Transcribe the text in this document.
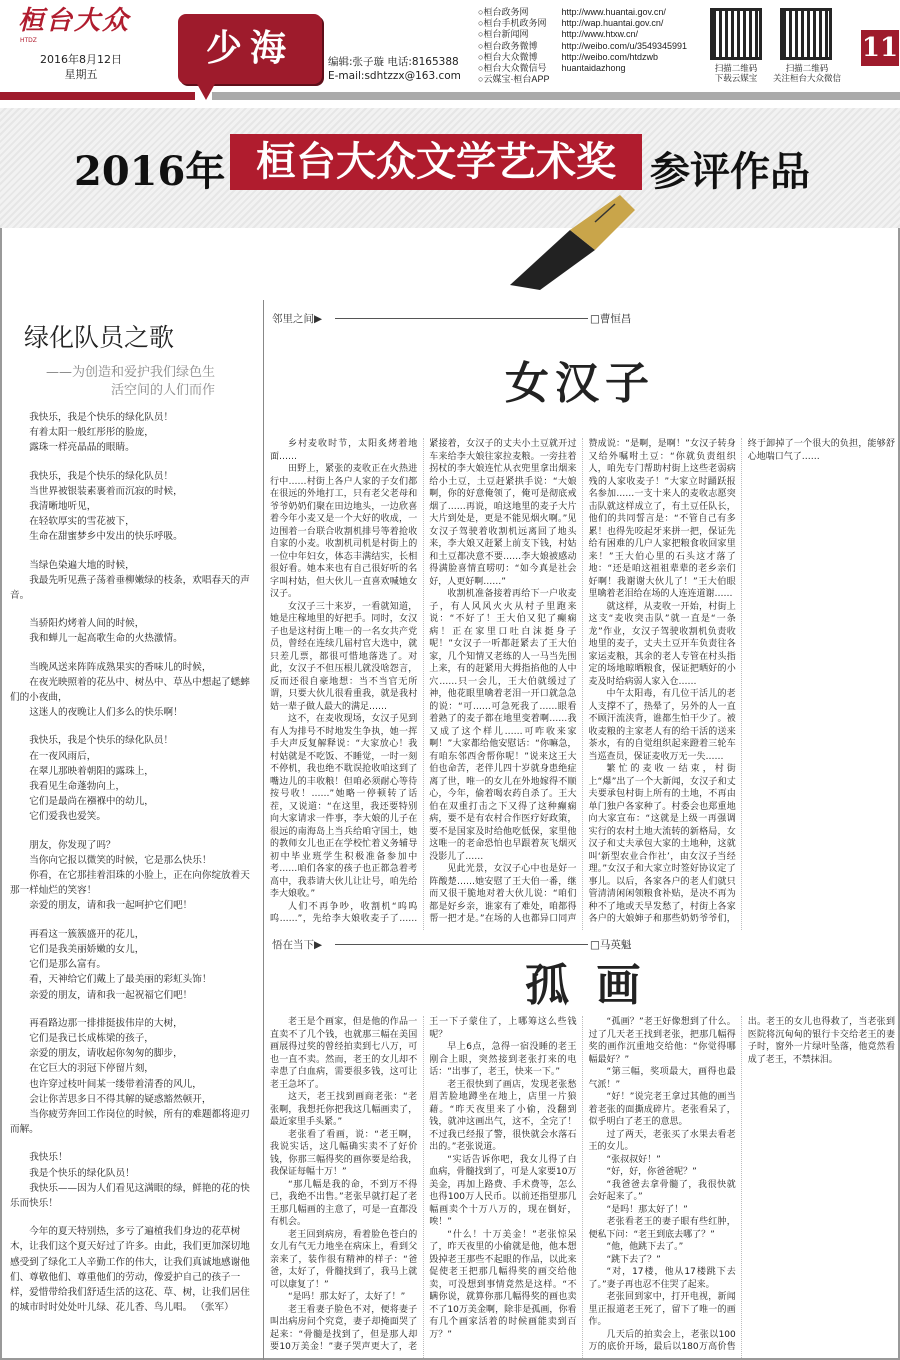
桓台大众
HTDZ
2016年8月12日
星期五
少海	编辑:张子璇 电话:8165388
E-mail:sdhtzzx@163.com
○桓台政务网	http://www.huantai.gov.cn/
○桓台手机政务网 http://wap.huantai.gov.cn/
○桓台新闻网	http://www.htxw.cn/
○桓台政务微博	http://weibo.com/u/3549345991
○桓台大众微博	http://weibo.com/htdzwb
○桓台大众微信号 huantaidazhong
○云媒宝·桓台APP
扫描二维码
下载云媒宝
扫描二维码
关注桓台大众微信
11
2016年 桓台大众文学艺术奖 参评作品
绿化队员之歌
——为创造和爱护我们绿色生活空间的人们而作

我快乐，我是个快乐的绿化队员！
有着太阳一般红彤彤的脸庞，
露珠一样亮晶晶的眼睛。

我快乐，我是个快乐的绿化队员！
当世界被银装素裹着而沉寂的时候，
我清晰地听见，
在轻软厚实的雪花被下，
生命在甜蜜梦乡中发出的快乐呼吸。

当绿色染遍大地的时候，
我最先听见燕子荡着垂柳嫩绿的枝条，欢唱春天的声音。

当骄阳灼烤着人间的时候，
我和蝉儿一起高歌生命的火热激情。

当晚风送来阵阵成熟果实的香味儿的时候，
在夜光映照着的花丛中、树丛中、草丛中想起了蟋蟀们的小夜曲，
这迷人的夜晚让人们多么的快乐啊！

我快乐，我是个快乐的绿化队员！
在一夜风雨后，
在翠儿那映着朝阳的露珠上，
我看见生命蓬勃向上，
它们是最尚在襁褓中的幼儿，
它们爱我也爱笑。

朋友，你发现了吗？
当你向它报以微笑的时候，它是那么快乐！
你看，在它那挂着泪珠的小脸上，正在向你绽放着天那一样灿烂的笑容！
亲爱的朋友，请和我一起呵护它们吧！

再看这一簇簇盛开的花儿，
它们是我美丽娇嫩的女儿，
它们是那么富有。
看，天神给它们戴上了最美丽的彩虹头饰！
亲爱的朋友，请和我一起祝福它们吧！

再看路边那一排排挺拔伟岸的大树，
它们是我已长成栋梁的孩子，
亲爱的朋友，请收起你匆匆的脚步，
在它巨大的羽冠下停留片刻，
也许穿过枝叶间某一缕带着清香的风儿，
会让你苦思多日不得其解的疑惑豁然顿开，
当你疲劳奔回工作岗位的时候，所有的难题都将迎刃而解。

我快乐！
我是个快乐的绿化队员！
我快乐——因为人们看见这满眼的绿，鲜艳的花的快乐而快乐！

今年的夏天特别热，多亏了遍植我们身边的花草树木，让我们这个夏天好过了许多。由此，我们更加深切地感受到了绿化工人辛勤工作的伟大，让我们真诚地感谢他们、尊敬他们、尊重他们的劳动，像爱护自己的孩子一样，爱惜带给我们舒适生活的这花、草、树，让我们居住的城市时时处处叶儿绿、花儿香、鸟儿唱。 （张军）

邻里之间▶	□曹恒昌
女汉子

乡村麦收时节，太阳炙烤着地面……

田野上，紧张的麦收正在火热进行中……村街上各户人家的子女们都在很远的外地打工，只有老父老母和爷爷奶奶们聚在田边地头，一边欣喜着今年小麦又是一个大好的收成，一边围着一台联合收割机排号等着抢收自家的小麦。收割机司机是村街上的一位中年妇女，体态丰满结实，长相很好看。她本来也有自己很好听的名字叫村姑，但大伙儿一直喜欢喊她女汉子。

女汉子三十来岁，一看就知道，她是庄稼地里的好把手。同时，女汉子也是这村街上唯一的一名女共产党员，曾经在连续几届村官大选中，就只差几票，都很可惜地落选了。对此，女汉子不但压根儿就没啥怨言，反而还很自豪地想：当不当官无所谓，只要大伙儿很看重我，就是我村姑一辈子做人最大的满足……

这不，在麦收现场，女汉子见到有人为排号不时地发生争执，她一挥手大声反复解释说：“大家放心！我村姑就是不吃饭、不睡觉，一时一刻不停机，我也绝不耽误抢收咱这到了嘴边儿的丰收粮！但咱必须耐心等待按号收！……”她略一停顿转了话茬，又说道：“在这里，我还要特别向大家请求一件事，李大娘的儿子在很远的南海岛上当兵给咱守国土，她的教师女儿也正在学校忙着义务辅导初中毕业班学生积极准备参加中考……咱们各家的孩子也正都急着考高中，我恭请大伙儿让让号，咱先给李大娘收。”

人们不再争吵，收割机“呜呜呜……”，先给李大娘收麦子了……紧接着，女汉子的丈夫小土豆就开过车来给李大娘往家拉麦粮。一旁拄着拐杖的李大娘连忙从衣兜里拿出烟来给小土豆，土豆赶紧拱手说：“大娘啊，你的好意俺领了，俺可是彻底戒烟了……再说，咱这地里的麦子大片大片到处是，更是不能见烟火啊。”见女汉子驾驶着收割机远离回了地头来，李大娘又赶紧上前支下钱，村姑和土豆都决意不要……李大娘被感动得满脸喜情直唠叨：“如今真是社会好，人更好啊……”

收割机准备接着再给下一户收麦子，有人风风火火从村子里跑来说：“不好了！王大伯又犯了癫痫病！正在家里口吐白沫挺身子呢！”女汉子一听都赶紧去了王大伯家，几个知情又老练的人一马当先围上来，有的赶紧用大拇指掐他的人中穴……只一会儿，王大伯就缓过了神，他花眼里噙着老泪一开口就急急的说：“可……可急死我了……眼看着熟了的麦子都在地里变着啊……我又成了这个样儿……可咋收来家啊！”大家都给他安慰话：“你嘛急，有咱东邻西舍帮你呢！”说来这王大伯也命苦，老伴儿四十岁就身患绝症离了世，唯一的女儿在外地嫁得不顺心，今年，偷着喝农药自杀了。王大伯在双重打击之下又得了这种癫痫病，要不是有农村合作医疗好政策，要不是国家及时给他吃低保，家里他这唯一的老命恐怕也早跟着灰飞烟灭没影儿了……

见此光景，女汉子心中也是好一阵酸楚……她安慰了王大伯一番，继而又很干脆地对着大伙儿说：“咱们都是好乡亲，谁家有了难处，咱都得帮一把才是。”在场的人也都异口同声赞成说：“是啊，是啊！”女汉子转身又给外嘱咐土豆：“你就负责组织人，咱先专门帮助村街上这些老弱病残的人家收麦子！”大家立时踊跃报名参加……一支十来人的麦收志愿突击队就这样成立了，有土豆任队长，他们的共同誓言是：“不管自己有多累！也得先咬起牙来拼一把，保证先给有困难的几户人家把粮食收回家里来！”王大伯心里的石头这才落了地：“还是咱这祖祖辈辈的老乡亲们好啊！我谢谢大伙儿了！”王大伯眼里噙着老泪给在场的人连连道谢……

就这样，从麦收一开始，村街上这支“麦收突击队”就一直是“一条龙”作业，女汉子驾驶收割机负责收地里的麦子，丈夫土豆开车负责往各家运麦粮，其余的老人专管在村头指定的场地晾晒粮食，保证把晒好的小麦及时给病弱人家入仓……

中午太阳毒，有几位干活儿的老人支撑不了，热晕了，另外的人一直不顾汗流浃背，谁都生怕干少了。被收麦粮的主家老人有的给干活的送来茶水，有的自觉组织起来蹬着三轮车当巡查员，保证麦收万无一失……

繁忙的麦收一结束，村街上“爆”出了一个大新闻，女汉子和丈夫要承包村街上所有的土地，不再由单门独户各家种了。村委会也郑重地向大家宣布：“这就是上级一再强调实行的农村土地大流转的新格局，女汉子和丈夫承包大家的土地种，这就叫‘新型农业合作社’，由女汉子当经理。”女汉子和大家立时签好协议定了事儿。以后，各家各户的老人们就只管清清闲闲领粮食补贴，是决不再为种不了地或天旱发愁了，村街上各家各户的大娘婶子和那些奶奶爷爷们，终于卸掉了一个很大的负担，能够舒心地喘口气了……

悟在当下▶	□马英魁
孤 画

老王是个画家，但是他的作品一直卖不了几个钱，也就那三幅在美国画展得过奖的曾经拍卖到七八万，可也一直不卖。然而，老王的女儿却不幸患了白血病，需要很多钱，这可让老王急坏了。

这天，老王找到画商老张：“老张啊，我想托你把我这几幅画卖了，最近家里手头紧。”

老张看了看画，说：“老王啊，我说实话，这几幅确实卖不了好价钱，你那三幅得奖的画你要是给我，我保证每幅十万！”

“那几幅是我的命，不到万不得已，我绝不出售。”老张早就打起了老王那几幅画的主意了，可是一直都没有机会。

老王回到病房，看着脸色苍白的女儿有气无力地坐在病床上，看到父亲来了，装作很有精神的样子：“爸爸，太好了，骨髓找到了，我马上就可以康复了！”

“是吗！那太好了，太好了！”

老王看妻子脸色不对，便将妻子叫出病房问个究竟，妻子却掩面哭了起来：“骨髓是找到了，但是那人却要10万美金！”妻子哭声更大了，老王一下子蒙住了，上哪筹这么些钱呢？

早上6点，急得一宿没睡的老王刚合上眼，突然接到老张打来的电话：“出事了，老王，快来一下。”

老王很快到了画店，发现老张愁眉苦脸地蹲坐在地上，店里一片狼藉。“昨天夜里来了小偷，没翻到钱，就冲这画出气，这不，全完了！不过我已经报了警，很快就会水落石出的。”老张说道。

“实话告诉你吧，我女儿得了白血病，骨髓找到了，可是人家要10万美金，再加上路费、手术费等，怎么也得100万人民币。以前还指望那几幅画卖个十万八万的，现在倒好，唉！”

“什么！十万美金！”老张惊呆了，昨天夜里的小偷就是他，他本想毁掉老王那些不起眼的作品，以此来促使老王把那几幅得奖的画交给他卖，可没想到事情竟然是这样。“不瞒你说，就算你那几幅得奖的画也卖不了10万美金啊，除非是孤画，你看有几个画家活着的时候画能卖到百万？”

“孤画？”老王好像想到了什么。过了几天老王找到老张，把那几幅得奖的画作沉重地交给他：“你觉得哪幅最好？”

“第三幅，奖项最大，画得也最气派！”

“好！”说完老王拿过其他的画当着老张的面撕成碎片。老张看呆了，似乎明白了老王的意思。

过了两天，老张买了水果去看老王的女儿。

“张叔叔好！”

“好，好，你爸爸呢？”

“我爸爸去拿骨髓了，我很快就会好起来了。”

“是吗！那太好了！”

老张看老王的妻子眼有些红肿，便私下问：“老王到底去哪了？”

“他，他跳下去了。”

“跳下去了？”

“对，17楼，他从17楼跳下去了。”妻子再也忍不住哭了起来。

老张回到家中，打开电视，新闻里正报道老王死了，留下了唯一的画作。

几天后的拍卖会上，老张以100万的底价开场，最后以180万高价售出。老王的女儿也得救了，当老张到医院将沉甸甸的银行卡交给老王的妻子时，窗外一片绿叶坠落，他竟然看成了老王，不禁抹泪。
